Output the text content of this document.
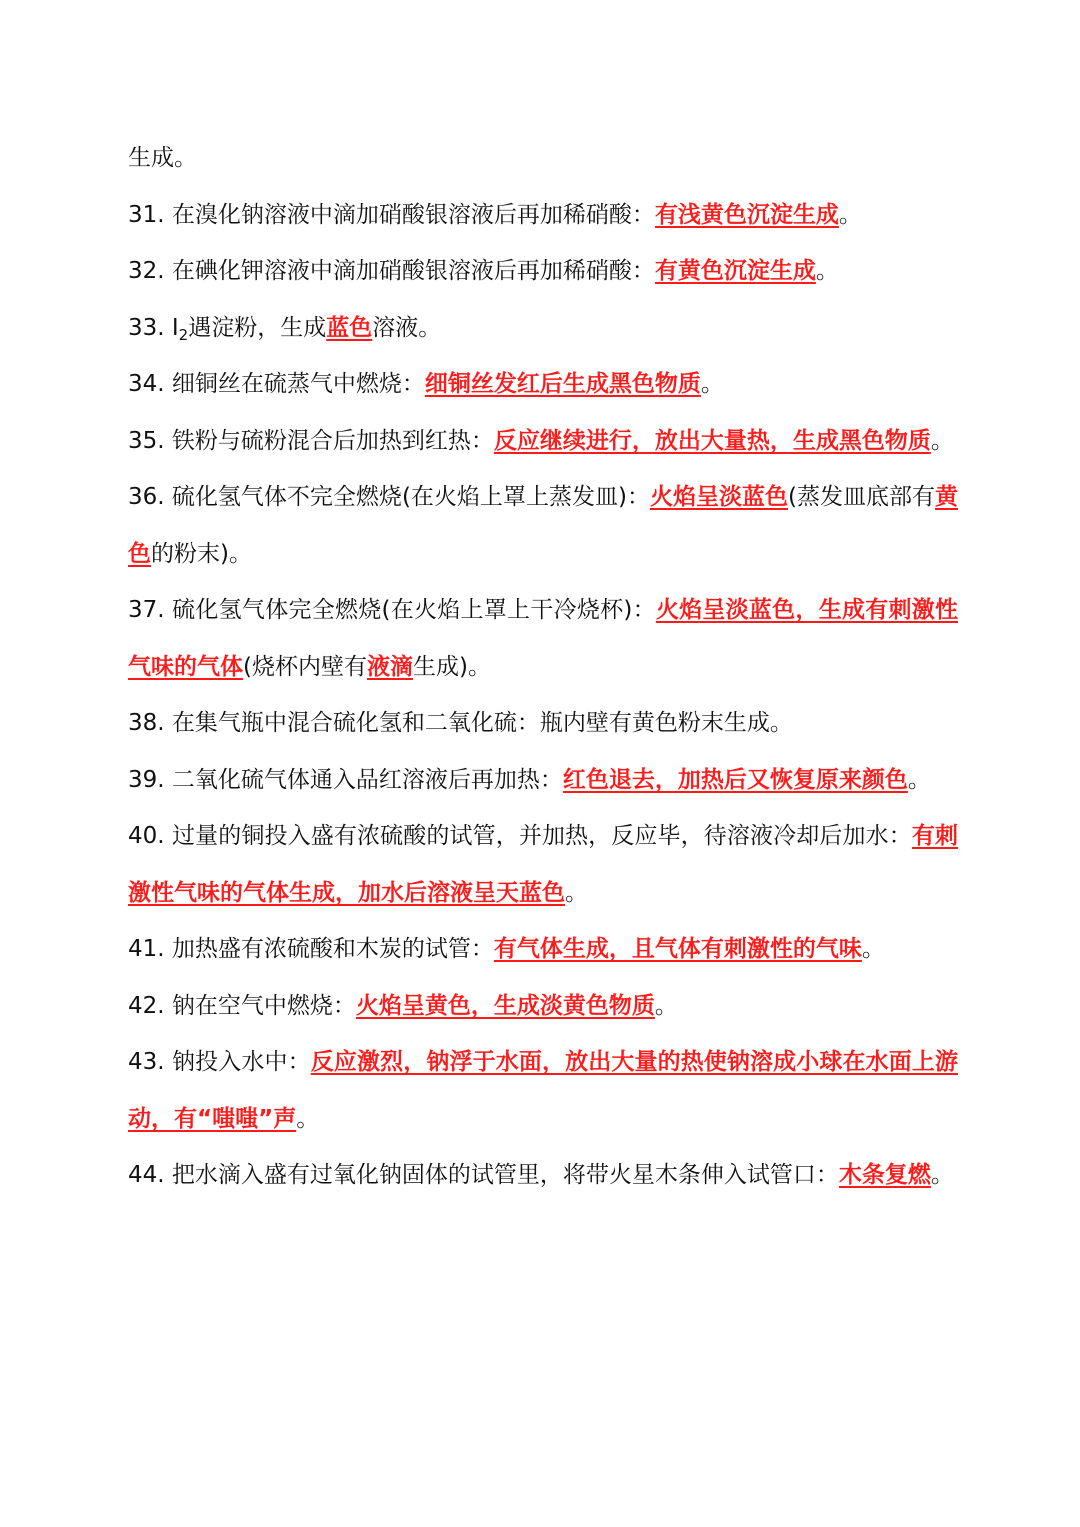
生成。

31. 在溴化钠溶液中滴加硝酸银溶液后再加稀硝酸：有浅黄色沉淀生成。

32. 在碘化钾溶液中滴加硝酸银溶液后再加稀硝酸：有黄色沉淀生成。

33. $I_2$遇淀粉，生成蓝色溶液。

34. 细铜丝在硫蒸气中燃烧：细铜丝发红后生成黑色物质。

35. 铁粉与硫粉混合后加热到红热：反应继续进行，放出大量热，生成黑色物质。

36. 硫化氢气体不完全燃烧(在火焰上罩上蒸发皿)：火焰呈淡蓝色(蒸发皿底部有黄色的粉末)。

37. 硫化氢气体完全燃烧(在火焰上罩上干冷烧杯)：火焰呈淡蓝色，生成有刺激性气味的气体(烧杯内壁有液滴生成)。

38. 在集气瓶中混合硫化氢和二氧化硫：瓶内壁有黄色粉末生成。

39. 二氧化硫气体通入品红溶液后再加热：红色退去，加热后又恢复原来颜色。

40. 过量的铜投入盛有浓硫酸的试管，并加热，反应毕，待溶液冷却后加水：有刺激性气味的气体生成，加水后溶液呈天蓝色。

41. 加热盛有浓硫酸和木炭的试管：有气体生成，且气体有刺激性的气味。

42. 钠在空气中燃烧：火焰呈黄色，生成淡黄色物质。

43. 钠投入水中：反应激烈，钠浮于水面，放出大量的热使钠溶成小球在水面上游动，有“嗤嗤”声。

44. 把水滴入盛有过氧化钠固体的试管里，将带火星木条伸入试管口：木条复燃。
